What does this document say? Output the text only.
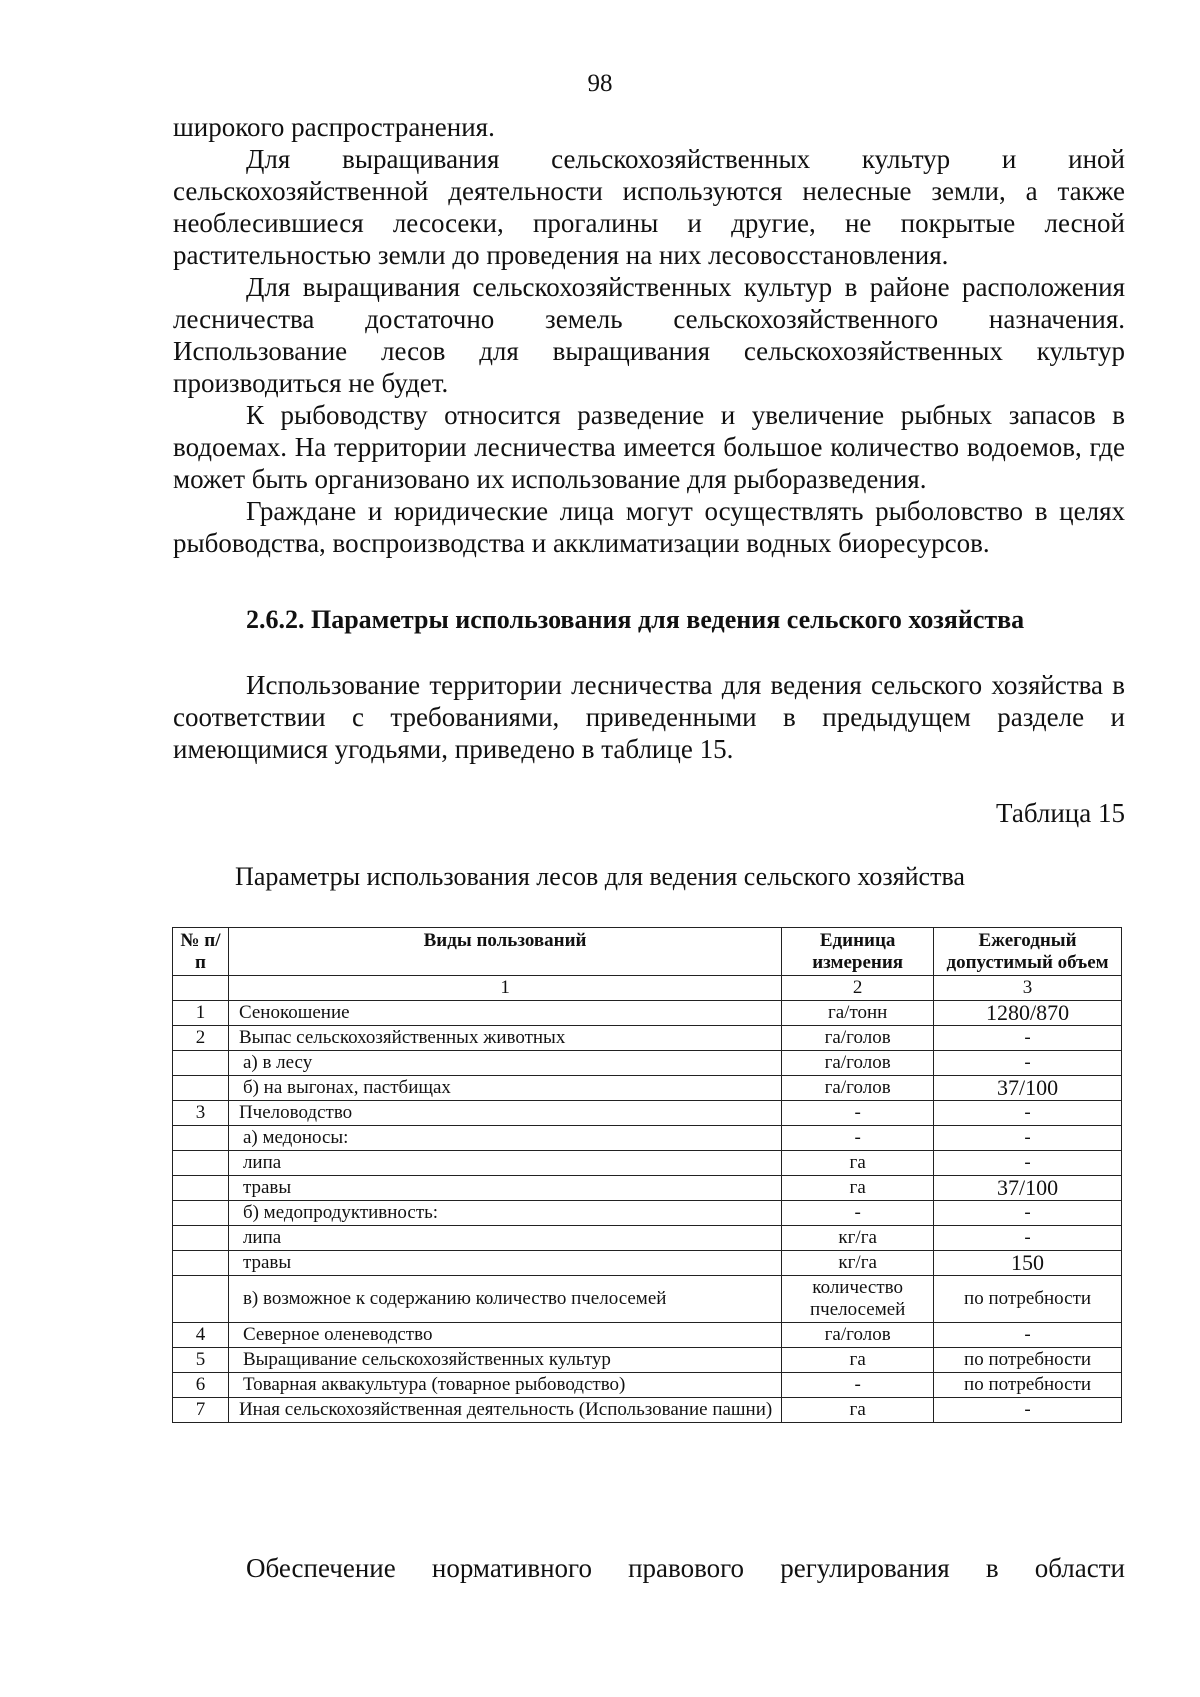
98

широкого распространения.

Для выращивания сельскохозяйственных культур и иной сельскохозяйственной деятельности используются нелесные земли, а также необлесившиеся лесосеки, прогалины и другие, не покрытые лесной растительностью земли до проведения на них лесовосстановления.

Для выращивания сельскохозяйственных культур в районе расположения лесничества достаточно земель сельскохозяйственного назначения. Использование лесов для выращивания сельскохозяйственных культур производиться не будет.

К рыбоводству относится разведение и увеличение рыбных запасов в водоемах. На территории лесничества имеется большое количество водоемов, где может быть организовано их использование для рыборазведения.

Граждане и юридические лица могут осуществлять рыболовство в целях рыбоводства, воспроизводства и акклиматизации водных биоресурсов.

2.6.2. Параметры использования для ведения сельского хозяйства

Использование территории лесничества для ведения сельского хозяйства в соответствии с требованиями, приведенными в предыдущем разделе и имеющимися угодьями, приведено в таблице 15.

Таблица 15
Параметры использования лесов для ведения сельского хозяйства
№ п/п	Виды пользований	Единица измерения	Ежегодный допустимый объем
	1	2	3
1	Сенокошение	га/тонн	1280/870
2	Выпас сельскохозяйственных животных	га/голов	-
	а) в лесу	га/голов	-
	б) на выгонах, пастбищах	га/голов	37/100
3	Пчеловодство	-	-
	а) медоносы:	-	-
	липа	га	-
	травы	га	37/100
	б) медопродуктивность:	-	-
	липа	кг/га	-
	травы	кг/га	150
	в) возможное к содержанию количество пчелосемей	количество пчелосемей	по потребности
4	Северное оленеводство	га/голов	-
5	Выращивание сельскохозяйственных культур	га	по потребности
6	Товарная аквакультура (товарное рыбоводство)	-	по потребности
7	Иная сельскохозяйственная деятельность (Использование пашни)	га	-
Обеспечение нормативного правового регулирования в области
